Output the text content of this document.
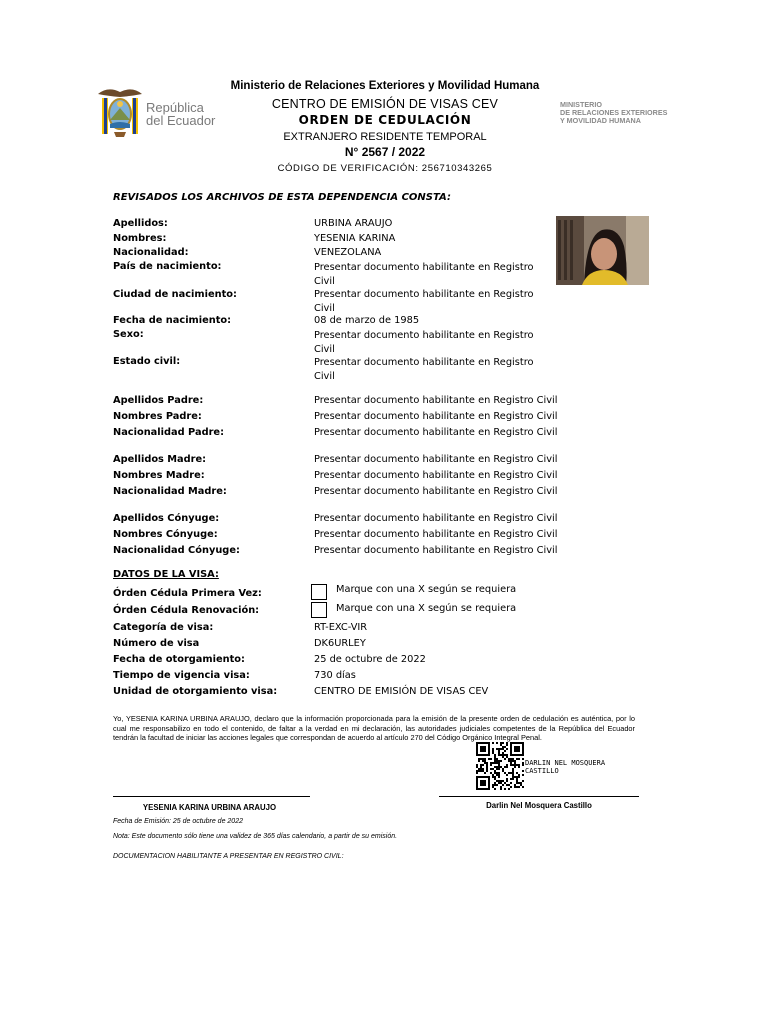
República
del Ecuador
Ministerio de Relaciones Exteriores y Movilidad Humana
CENTRO DE EMISIÓN DE VISAS CEV
ORDEN DE CEDULACIÓN
EXTRANJERO RESIDENTE TEMPORAL
N° 2567 / 2022
CÓDIGO DE VERIFICACIÓN: 256710343265
MINISTERIO
DE RELACIONES EXTERIORES
Y MOVILIDAD HUMANA
REVISADOS LOS ARCHIVOS DE ESTA DEPENDENCIA CONSTA:
Apellidos:	URBINA ARAUJO
Nombres:	YESENIA KARINA
Nacionalidad:	VENEZOLANA
País de nacimiento:	Presentar documento habilitante en Registro Civil
Ciudad de nacimiento:	Presentar documento habilitante en Registro Civil
Fecha de nacimiento:	08 de marzo de 1985
Sexo:	Presentar documento habilitante en Registro Civil
Estado civil:	Presentar documento habilitante en Registro Civil
Apellidos Padre:	Presentar documento habilitante en Registro Civil
Nombres Padre:	Presentar documento habilitante en Registro Civil
Nacionalidad Padre:	Presentar documento habilitante en Registro Civil
Apellidos Madre:	Presentar documento habilitante en Registro Civil
Nombres Madre:	Presentar documento habilitante en Registro Civil
Nacionalidad Madre:	Presentar documento habilitante en Registro Civil
Apellidos Cónyuge:	Presentar documento habilitante en Registro Civil
Nombres Cónyuge:	Presentar documento habilitante en Registro Civil
Nacionalidad Cónyuge:	Presentar documento habilitante en Registro Civil
DATOS DE LA VISA:
Órden Cédula Primera Vez:	Marque con una X según se requiera
Órden Cédula Renovación:	Marque con una X según se requiera
Categoría de visa:	RT-EXC-VIR
Número de visa	DK6URLEY
Fecha de otorgamiento:	25 de octubre de 2022
Tiempo de vigencia visa:	730 días
Unidad de otorgamiento visa:	CENTRO DE EMISIÓN DE VISAS CEV
Yo, YESENIA KARINA URBINA ARAUJO, declaro que la información proporcionada para la emisión de la presente orden de cedulación es auténtica, por lo cual me responsabilizo en todo el contenido, de faltar a la verdad en mi declaración, las autoridades judiciales competentes de la República del Ecuador tendrán la facultad de iniciar las acciones legales que correspondan de acuerdo al artículo 270 del Código Orgánico Integral Penal.
DARLIN NEL MOSQUERA CASTILLO
YESENIA KARINA URBINA ARAUJO	Darlin Nel Mosquera Castillo
Fecha de Emisión: 25 de octubre de 2022
Nota: Este documento sólo tiene una validez de 365 días calendario, a partir de su emisión.
DOCUMENTACION HABILITANTE A PRESENTAR EN REGISTRO CIVIL:
